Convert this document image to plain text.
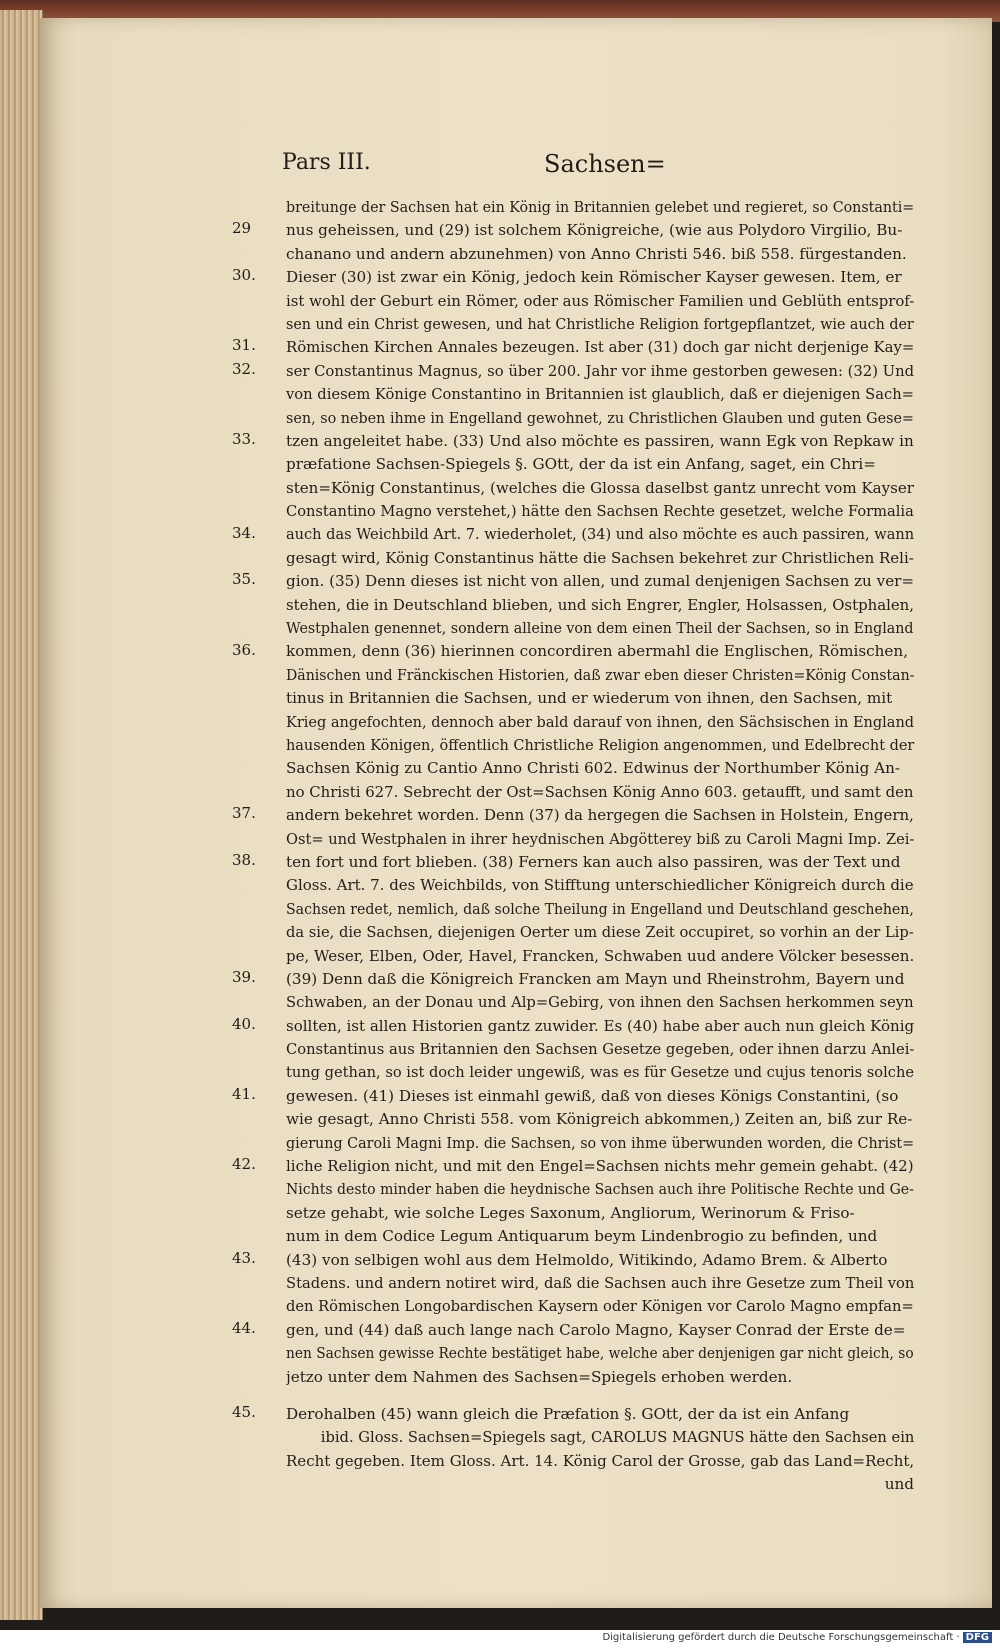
Pars III.	Sachsen=
29
30.
31.
32.
33.
34.
35.
36.
37.
38.
39.
40.
41.
42.
43.
44.
45.
breitunge der Sachsen hat ein König in Britannien gelebet und regieret, so Constanti=
nus geheissen, und (29) ist solchem Königreiche, (wie aus Polydoro Virgilio, Bu-
chanano und andern abzunehmen) von Anno Christi 546. biß 558. fürgestanden.
Dieser (30) ist zwar ein König, jedoch kein Römischer Kayser gewesen. Item, er
ist wohl der Geburt ein Römer, oder aus Römischer Familien und Geblüth entsprof-
sen und ein Christ gewesen, und hat Christliche Religion fortgepflantzet, wie auch der
Römischen Kirchen Annales bezeugen. Ist aber (31) doch gar nicht derjenige Kay=
ser Constantinus Magnus, so über 200. Jahr vor ihme gestorben gewesen: (32) Und
von diesem Könige Constantino in Britannien ist glaublich, daß er diejenigen Sach=
sen, so neben ihme in Engelland gewohnet, zu Christlichen Glauben und guten Gese=
tzen angeleitet habe. (33) Und also möchte es passiren, wann Egk von Repkaw in
præfatione Sachsen-Spiegels §. GOtt, der da ist ein Anfang, saget, ein Chri=
sten=König Constantinus, (welches die Glossa daselbst gantz unrecht vom Kayser
Constantino Magno verstehet,) hätte den Sachsen Rechte gesetzet, welche Formalia
auch das Weichbild Art. 7. wiederholet, (34) und also möchte es auch passiren, wann
gesagt wird, König Constantinus hätte die Sachsen bekehret zur Christlichen Reli-
gion. (35) Denn dieses ist nicht von allen, und zumal denjenigen Sachsen zu ver=
stehen, die in Deutschland blieben, und sich Engrer, Engler, Holsassen, Ostphalen,
Westphalen genennet, sondern alleine von dem einen Theil der Sachsen, so in England
kommen, denn (36) hierinnen concordiren abermahl die Englischen, Römischen,
Dänischen und Fränckischen Historien, daß zwar eben dieser Christen=König Constan-
tinus in Britannien die Sachsen, und er wiederum von ihnen, den Sachsen, mit
Krieg angefochten, dennoch aber bald darauf von ihnen, den Sächsischen in England
hausenden Königen, öffentlich Christliche Religion angenommen, und Edelbrecht der
Sachsen König zu Cantio Anno Christi 602. Edwinus der Northumber König An-
no Christi 627. Sebrecht der Ost=Sachsen König Anno 603. getaufft, und samt den
andern bekehret worden. Denn (37) da hergegen die Sachsen in Holstein, Engern,
Ost= und Westphalen in ihrer heydnischen Abgötterey biß zu Caroli Magni Imp. Zei-
ten fort und fort blieben. (38) Ferners kan auch also passiren, was der Text und
Gloss. Art. 7. des Weichbilds, von Stifftung unterschiedlicher Königreich durch die
Sachsen redet, nemlich, daß solche Theilung in Engelland und Deutschland geschehen,
da sie, die Sachsen, diejenigen Oerter um diese Zeit occupiret, so vorhin an der Lip-
pe, Weser, Elben, Oder, Havel, Francken, Schwaben uud andere Völcker besessen.
(39) Denn daß die Königreich Francken am Mayn und Rheinstrohm, Bayern und
Schwaben, an der Donau und Alp=Gebirg, von ihnen den Sachsen herkommen seyn
sollten, ist allen Historien gantz zuwider. Es (40) habe aber auch nun gleich König
Constantinus aus Britannien den Sachsen Gesetze gegeben, oder ihnen darzu Anlei-
tung gethan, so ist doch leider ungewiß, was es für Gesetze und cujus tenoris solche
gewesen. (41) Dieses ist einmahl gewiß, daß von dieses Königs Constantini, (so
wie gesagt, Anno Christi 558. vom Königreich abkommen,) Zeiten an, biß zur Re-
gierung Caroli Magni Imp. die Sachsen, so von ihme überwunden worden, die Christ=
liche Religion nicht, und mit den Engel=Sachsen nichts mehr gemein gehabt. (42)
Nichts desto minder haben die heydnische Sachsen auch ihre Politische Rechte und Ge-
setze gehabt, wie solche Leges Saxonum, Angliorum, Werinorum & Friso-
num in dem Codice Legum Antiquarum beym Lindenbrogio zu befinden, und
(43) von selbigen wohl aus dem Helmoldo, Witikindo, Adamo Brem. & Alberto
Stadens. und andern notiret wird, daß die Sachsen auch ihre Gesetze zum Theil von
den Römischen Longobardischen Kaysern oder Königen vor Carolo Magno empfan=
gen, und (44) daß auch lange nach Carolo Magno, Kayser Conrad der Erste de=
nen Sachsen gewisse Rechte bestätiget habe, welche aber denjenigen gar nicht gleich, so
jetzo unter dem Nahmen des Sachsen=Spiegels erhoben werden.
Derohalben (45) wann gleich die Præfation §. GOtt, der da ist ein Anfang
ibid. Gloss. Sachsen=Spiegels sagt, CAROLUS MAGNUS hätte den Sachsen ein
Recht gegeben. Item Gloss. Art. 14. König Carol der Grosse, gab das Land=Recht,
und
Digitalisierung gefördert durch die Deutsche Forschungsgemeinschaft · DFG
